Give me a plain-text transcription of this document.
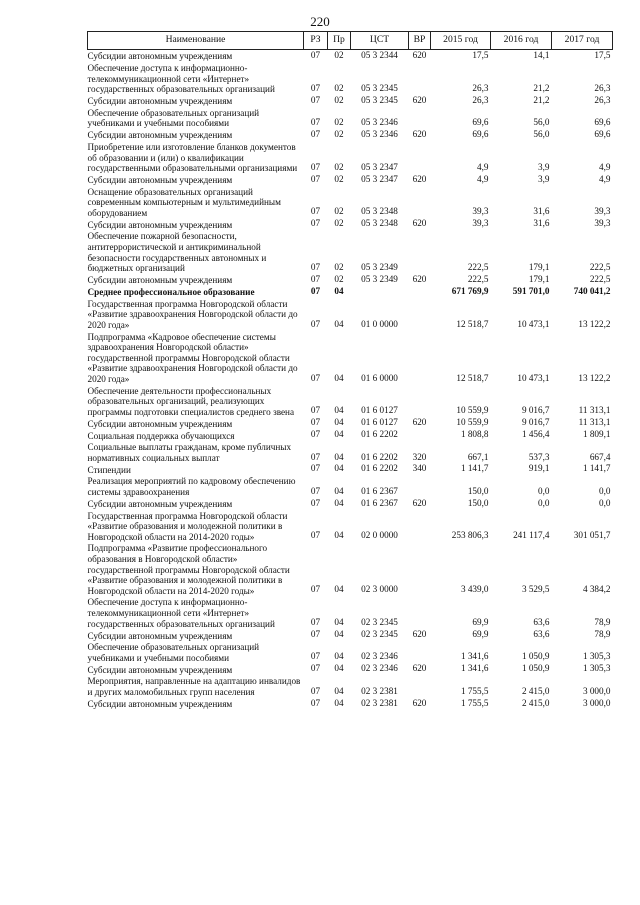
220
Наименование	РЗ	Пр	ЦСТ	ВР	2015 год	2016 год	2017 год
Субсидии автономным учреждениям	07	02	05 3 2344	620	17,5	14,1	17,5
Обеспечение доступа к информационно-телекоммуникационной сети «Интернет» государственных образовательных организаций	07	02	05 3 2345		26,3	21,2	26,3
Субсидии автономным учреждениям	07	02	05 3 2345	620	26,3	21,2	26,3
Обеспечение образовательных организаций учебниками и учебными пособиями	07	02	05 3 2346		69,6	56,0	69,6
Субсидии автономным учреждениям	07	02	05 3 2346	620	69,6	56,0	69,6
Приобретение или изготовление бланков документов об образовании и (или) о квалификации государственными образовательными организациями	07	02	05 3 2347		4,9	3,9	4,9
Субсидии автономным учреждениям	07	02	05 3 2347	620	4,9	3,9	4,9
Оснащение образовательных организаций современным компьютерным и мультимедийным оборудованием	07	02	05 3 2348		39,3	31,6	39,3
Субсидии автономным учреждениям	07	02	05 3 2348	620	39,3	31,6	39,3
Обеспечение пожарной безопасности, антитеррористической и антикриминальной безопасности государственных автономных и бюджетных организаций	07	02	05 3 2349		222,5	179,1	222,5
Субсидии автономным учреждениям	07	02	05 3 2349	620	222,5	179,1	222,5
Среднее профессиональное образование	07	04			671 769,9	591 701,0	740 041,2
Государственная программа Новгородской области «Развитие здравоохранения Новгородской области до 2020 года»	07	04	01 0 0000		12 518,7	10 473,1	13 122,2
Подпрограмма «Кадровое обеспечение системы здравоохранения Новгородской области» государственной программы Новгородской области «Развитие здравоохранения Новгородской области до 2020 года»	07	04	01 6 0000		12 518,7	10 473,1	13 122,2
Обеспечение деятельности профессиональных образовательных организаций, реализующих программы подготовки специалистов среднего звена	07	04	01 6 0127		10 559,9	9 016,7	11 313,1
Субсидии автономным учреждениям	07	04	01 6 0127	620	10 559,9	9 016,7	11 313,1
Социальная поддержка обучающихся	07	04	01 6 2202		1 808,8	1 456,4	1 809,1
Социальные выплаты гражданам, кроме публичных нормативных социальных выплат	07	04	01 6 2202	320	667,1	537,3	667,4
Стипендии	07	04	01 6 2202	340	1 141,7	919,1	1 141,7
Реализация мероприятий по кадровому обеспечению системы здравоохранения	07	04	01 6 2367		150,0	0,0	0,0
Субсидии автономным учреждениям	07	04	01 6 2367	620	150,0	0,0	0,0
Государственная программа Новгородской области «Развитие образования и молодежной политики в Новгородской области на 2014-2020 годы»	07	04	02 0 0000		253 806,3	241 117,4	301 051,7
Подпрограмма «Развитие профессионального образования в Новгородской области» государственной программы Новгородской области «Развитие образования и молодежной политики в Новгородской области на 2014-2020 годы»	07	04	02 3 0000		3 439,0	3 529,5	4 384,2
Обеспечение доступа к информационно-телекоммуникационной сети «Интернет» государственных образовательных организаций	07	04	02 3 2345		69,9	63,6	78,9
Субсидии автономным учреждениям	07	04	02 3 2345	620	69,9	63,6	78,9
Обеспечение образовательных организаций учебниками и учебными пособиями	07	04	02 3 2346		1 341,6	1 050,9	1 305,3
Субсидии автономным учреждениям	07	04	02 3 2346	620	1 341,6	1 050,9	1 305,3
Мероприятия, направленные на адаптацию инвалидов и других маломобильных групп населения	07	04	02 3 2381		1 755,5	2 415,0	3 000,0
Субсидии автономным учреждениям	07	04	02 3 2381	620	1 755,5	2 415,0	3 000,0
